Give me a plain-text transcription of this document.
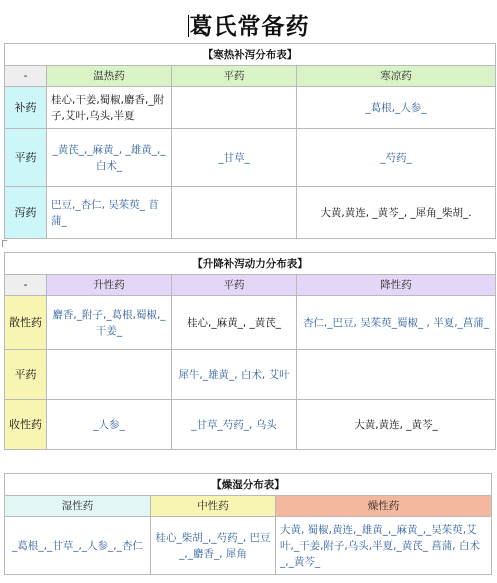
葛氏常备药
【寒热补泻分布表】			
-	温热药	平药	寒凉药
补药	桂心,干姜,蜀椒,麝香,_附子,艾叶,乌头,半夏		_葛根,_人参_
平药	_黄芪_,_麻黄_, _雄黄_,_白术_	_甘草_	_芍药_
泻药	巴豆,_杏仁, 吴茱萸_ 苜蒲_		大黄,黄连, _黄芩_, _犀角_柴胡_.
【升降补泻动力分布表】			
-	升性药	平药	降性药
散性药	麝香,_附子,_葛根,蜀椒,_干姜_	桂心,_麻黄_, _黄芪_	杏仁,_巴豆, 吴茱萸_蜀椒_ , 半夏,_菖蒲_
平药		犀牛,_雄黄_, 白术, 艾叶	
收性药	_人参_	_甘草_芍药_, 乌头	大黄,黄连, _黄芩_
【燥湿分布表】		
湿性药	中性药	燥性药
_葛根_,_甘草_,_人参_,_杏仁	桂心_柴胡_,_芍药_, 巴豆_,_麝香_, 犀角	大黄, 蜀椒,黄连,_雄黄_,_麻黄_,_吴茱萸,艾叶,_干姜,附子,乌头,半夏,_黄芪_ 菖蒲, 白术_,_黄芩_
